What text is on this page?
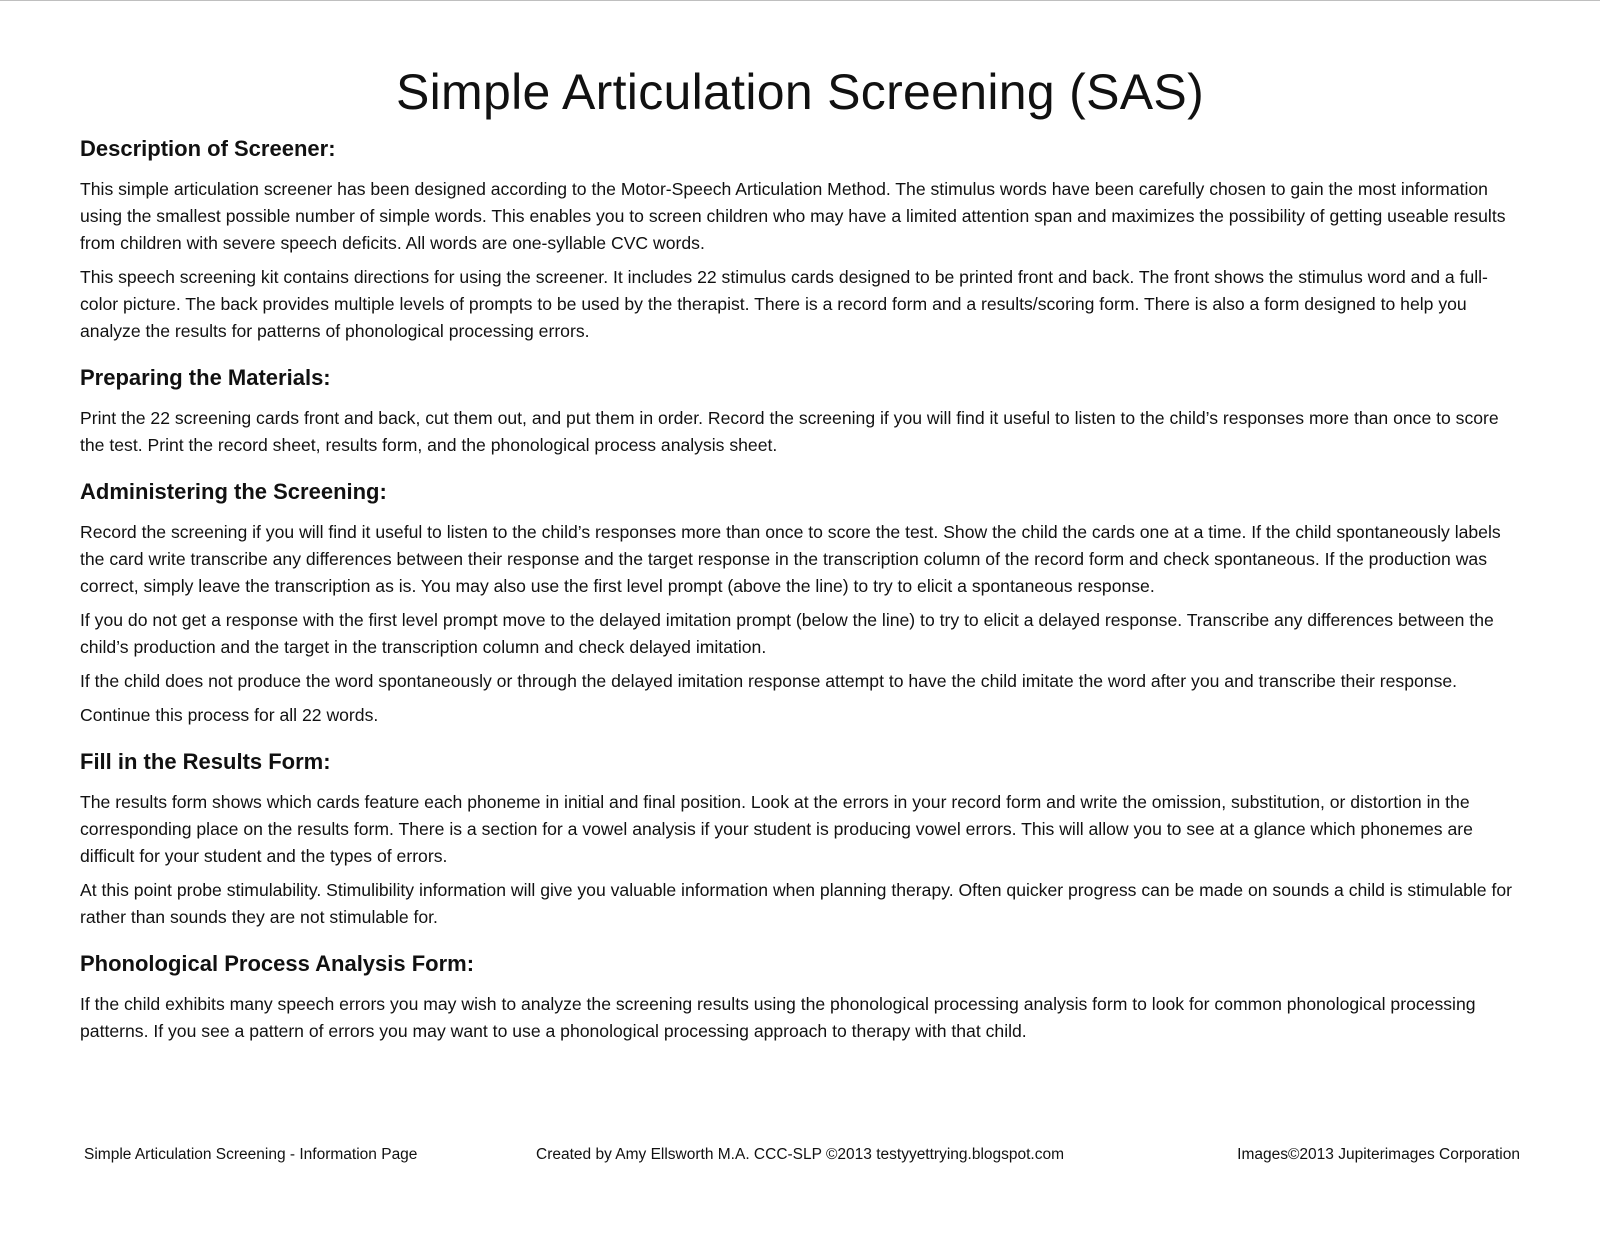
Simple Articulation Screening (SAS)
Description of Screener:

This simple articulation screener has been designed according to the Motor-Speech Articulation Method. The stimulus words have been carefully chosen to gain the most information using the smallest possible number of simple words. This enables you to screen children who may have a limited attention span and maximizes the possibility of getting useable results from children with severe speech deficits. All words are one-syllable CVC words.

This speech screening kit contains directions for using the screener. It includes 22 stimulus cards designed to be printed front and back. The front shows the stimulus word and a full-color picture. The back provides multiple levels of prompts to be used by the therapist. There is a record form and a results/scoring form. There is also a form designed to help you analyze the results for patterns of phonological processing errors.

Preparing the Materials:

Print the 22 screening cards front and back, cut them out, and put them in order. Record the screening if you will find it useful to listen to the child’s responses more than once to score the test. Print the record sheet, results form, and the phonological process analysis sheet.

Administering the Screening:

Record the screening if you will find it useful to listen to the child’s responses more than once to score the test. Show the child the cards one at a time. If the child spontaneously labels the card write transcribe any differences between their response and the target response in the transcription column of the record form and check spontaneous. If the production was correct, simply leave the transcription as is. You may also use the first level prompt (above the line) to try to elicit a spontaneous response.

If you do not get a response with the first level prompt move to the delayed imitation prompt (below the line) to try to elicit a delayed response. Transcribe any differences between the child’s production and the target in the transcription column and check delayed imitation.

If the child does not produce the word spontaneously or through the delayed imitation response attempt to have the child imitate the word after you and transcribe their response.

Continue this process for all 22 words.

Fill in the Results Form:

The results form shows which cards feature each phoneme in initial and final position. Look at the errors in your record form and write the omission, substitution, or distortion in the corresponding place on the results form. There is a section for a vowel analysis if your student is producing vowel errors. This will allow you to see at a glance which phonemes are difficult for your student and the types of errors.

At this point probe stimulability. Stimulibility information will give you valuable information when planning therapy. Often quicker progress can be made on sounds a child is stimulable for rather than sounds they are not stimulable for.

Phonological Process Analysis Form:

If the child exhibits many speech errors you may wish to analyze the screening results using the phonological processing analysis form to look for common phonological processing patterns. If you see a pattern of errors you may want to use a phonological processing approach to therapy with that child.

Simple Articulation Screening - Information Page	Created by Amy Ellsworth M.A. CCC-SLP ©2013 testyyettrying.blogspot.com	Images©2013 Jupiterimages Corporation
